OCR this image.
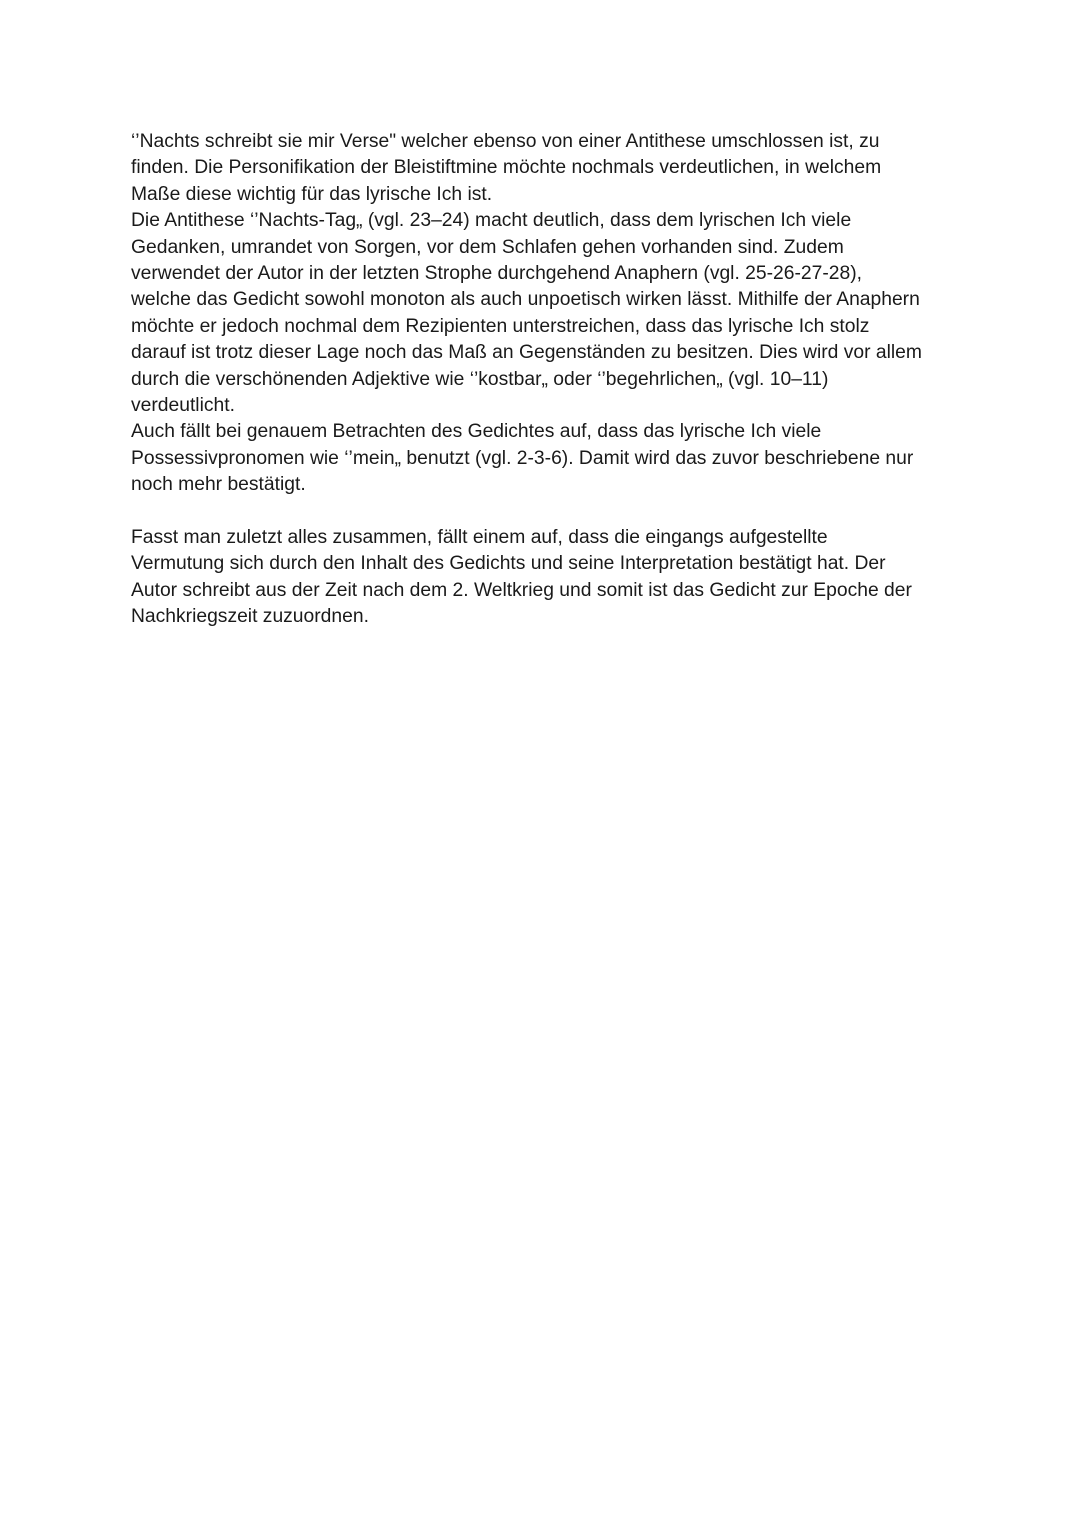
‘’Nachts schreibt sie mir Verse" welcher ebenso von einer Antithese umschlossen ist, zu
finden. Die Personifikation der Bleistiftmine möchte nochmals verdeutlichen, in welchem
Maße diese wichtig für das lyrische Ich ist.
Die Antithese ‘’Nachts-Tag„ (vgl. 23–24) macht deutlich, dass dem lyrischen Ich viele
Gedanken, umrandet von Sorgen, vor dem Schlafen gehen vorhanden sind. Zudem
verwendet der Autor in der letzten Strophe durchgehend Anaphern (vgl. 25-26-27-28),
welche das Gedicht sowohl monoton als auch unpoetisch wirken lässt. Mithilfe der Anaphern
möchte er jedoch nochmal dem Rezipienten unterstreichen, dass das lyrische Ich stolz
darauf ist trotz dieser Lage noch das Maß an Gegenständen zu besitzen. Dies wird vor allem
durch die verschönenden Adjektive wie ‘’kostbar„ oder ‘’begehrlichen„ (vgl. 10–11)
verdeutlicht.
Auch fällt bei genauem Betrachten des Gedichtes auf, dass das lyrische Ich viele
Possessivpronomen wie ‘’mein„ benutzt (vgl. 2-3-6). Damit wird das zuvor beschriebene nur
noch mehr bestätigt.
Fasst man zuletzt alles zusammen, fällt einem auf, dass die eingangs aufgestellte
Vermutung sich durch den Inhalt des Gedichts und seine Interpretation bestätigt hat. Der
Autor schreibt aus der Zeit nach dem 2. Weltkrieg und somit ist das Gedicht zur Epoche der
Nachkriegszeit zuzuordnen.
